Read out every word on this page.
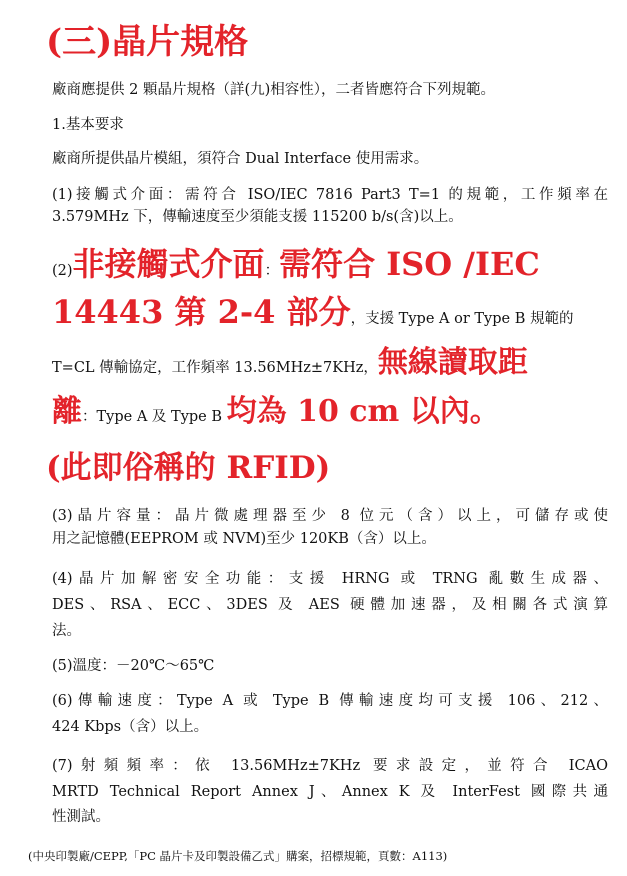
(三)晶片規格

廠商應提供 2 顆晶片規格（詳(九)相容性），二者皆應符合下列規範。

1.基本要求

廠商所提供晶片模組，須符合 Dual Interface 使用需求。

(1)接觸式介面：需符合 ISO/IEC 7816 Part3 T=1 的規範，工作頻率在

3.579MHz 下，傳輸速度至少須能支援 115200 b/s(含)以上。

(2)非接觸式介面：需符合 ISO /IEC

14443 第 2-4 部分，支援 Type A or Type B 規範的

T=CL 傳輸協定，工作頻率 13.56MHz±7KHz，無線讀取距

離：Type A 及 Type B 均為 10 cm 以內。

(此即俗稱的 RFID)

(3)晶片容量：晶片微處理器至少 8 位元（含）以上，可儲存或使

用之記憶體(EEPROM 或 NVM)至少 120KB（含）以上。

(4)晶片加解密安全功能：支援 HRNG 或 TRNG 亂數生成器、

DES、RSA、ECC、3DES 及 AES 硬體加速器，及相關各式演算

法。

(5)溫度：－20℃～65℃

(6)傳輸速度：Type A 或 Type B 傳輸速度均可支援 106、212、

424 Kbps（含）以上。

(7)射頻頻率：依 13.56MHz±7KHz 要求設定，並符合 ICAO

MRTD Technical Report Annex J、Annex K 及 InterFest 國際共通

性測試。

(中央印製廠/CEPP,「PC 晶片卡及印製設備乙式」購案，招標規範，頁數：A113)
